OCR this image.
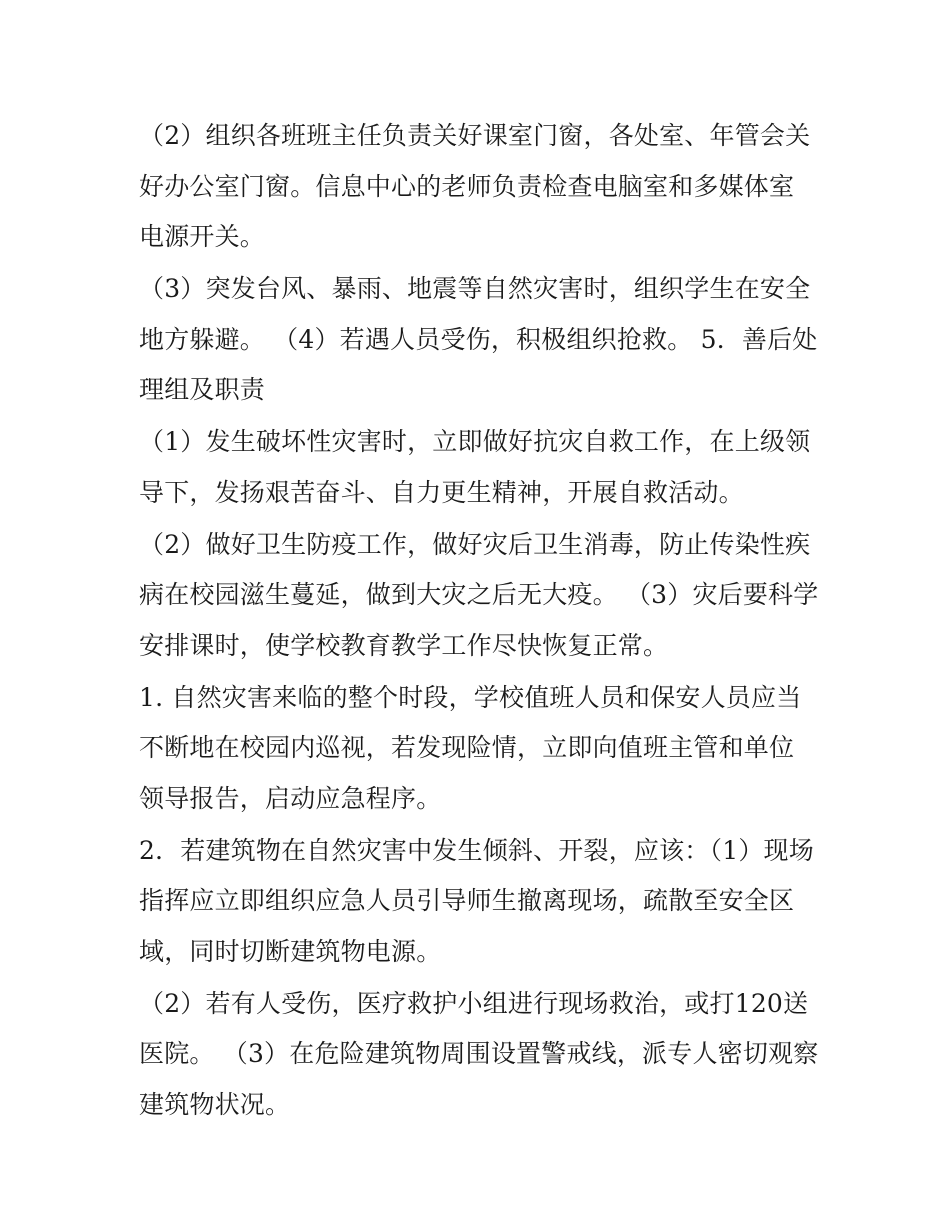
（2）组织各班班主任负责关好课室门窗，各处室、年管会关好办公室门窗。信息中心的老师负责检查电脑室和多媒体室电源开关。

（3）突发台风、暴雨、地震等自然灾害时，组织学生在安全地方躲避。 （4）若遇人员受伤，积极组织抢救。 5．善后处理组及职责

（1）发生破坏性灾害时，立即做好抗灾自救工作，在上级领导下，发扬艰苦奋斗、自力更生精神，开展自救活动。

（2）做好卫生防疫工作，做好灾后卫生消毒，防止传染性疾病在校园滋生蔓延，做到大灾之后无大疫。 （3）灾后要科学安排课时，使学校教育教学工作尽快恢复正常。

1. 自然灾害来临的整个时段，学校值班人员和保安人员应当不断地在校园内巡视，若发现险情，立即向值班主管和单位领导报告，启动应急程序。

2．若建筑物在自然灾害中发生倾斜、开裂，应该：（1）现场指挥应立即组织应急人员引导师生撤离现场，疏散至安全区域，同时切断建筑物电源。

（2）若有人受伤，医疗救护小组进行现场救治，或打120送医院。 （3）在危险建筑物周围设置警戒线，派专人密切观察建筑物状况。
